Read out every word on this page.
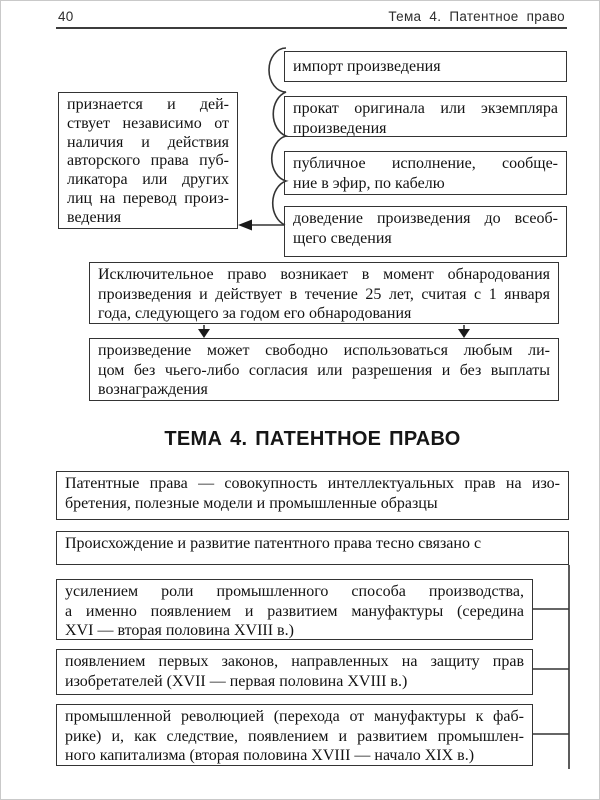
40	Тема 4. Патентное право
признается и дей-
ствует независимо от
наличия и действия
авторского права пуб-
ликатора или других
лиц на перевод произ-
ведения
импорт произведения
прокат оригинала или экземпляра
произведения
публичное исполнение, сообще-
ние в эфир, по кабелю
доведение произведения до всеоб-
щего сведения
Исключительное право возникает в момент обнародования
произведения и действует в течение 25 лет, считая с 1 января
года, следующего за годом его обнародования
произведение может свободно использоваться любым ли-
цом без чьего-либо согласия или разрешения и без выплаты
вознаграждения
ТЕМА 4. ПАТЕНТНОЕ ПРАВО
Патентные права — совокупность интеллектуальных прав на изо-
бретения, полезные модели и промышленные образцы
Происхождение и развитие патентного права тесно связано с
усилением роли промышленного способа производства,
а именно появлением и развитием мануфактуры (середина
XVI — вторая половина XVIII в.)
появлением первых законов, направленных на защиту прав
изобретателей (XVII — первая половина XVIII в.)
промышленной революцией (перехода от мануфактуры к фаб-
рике) и, как следствие, появлением и развитием промышлен-
ного капитализма (вторая половина XVIII — начало XIX в.)
